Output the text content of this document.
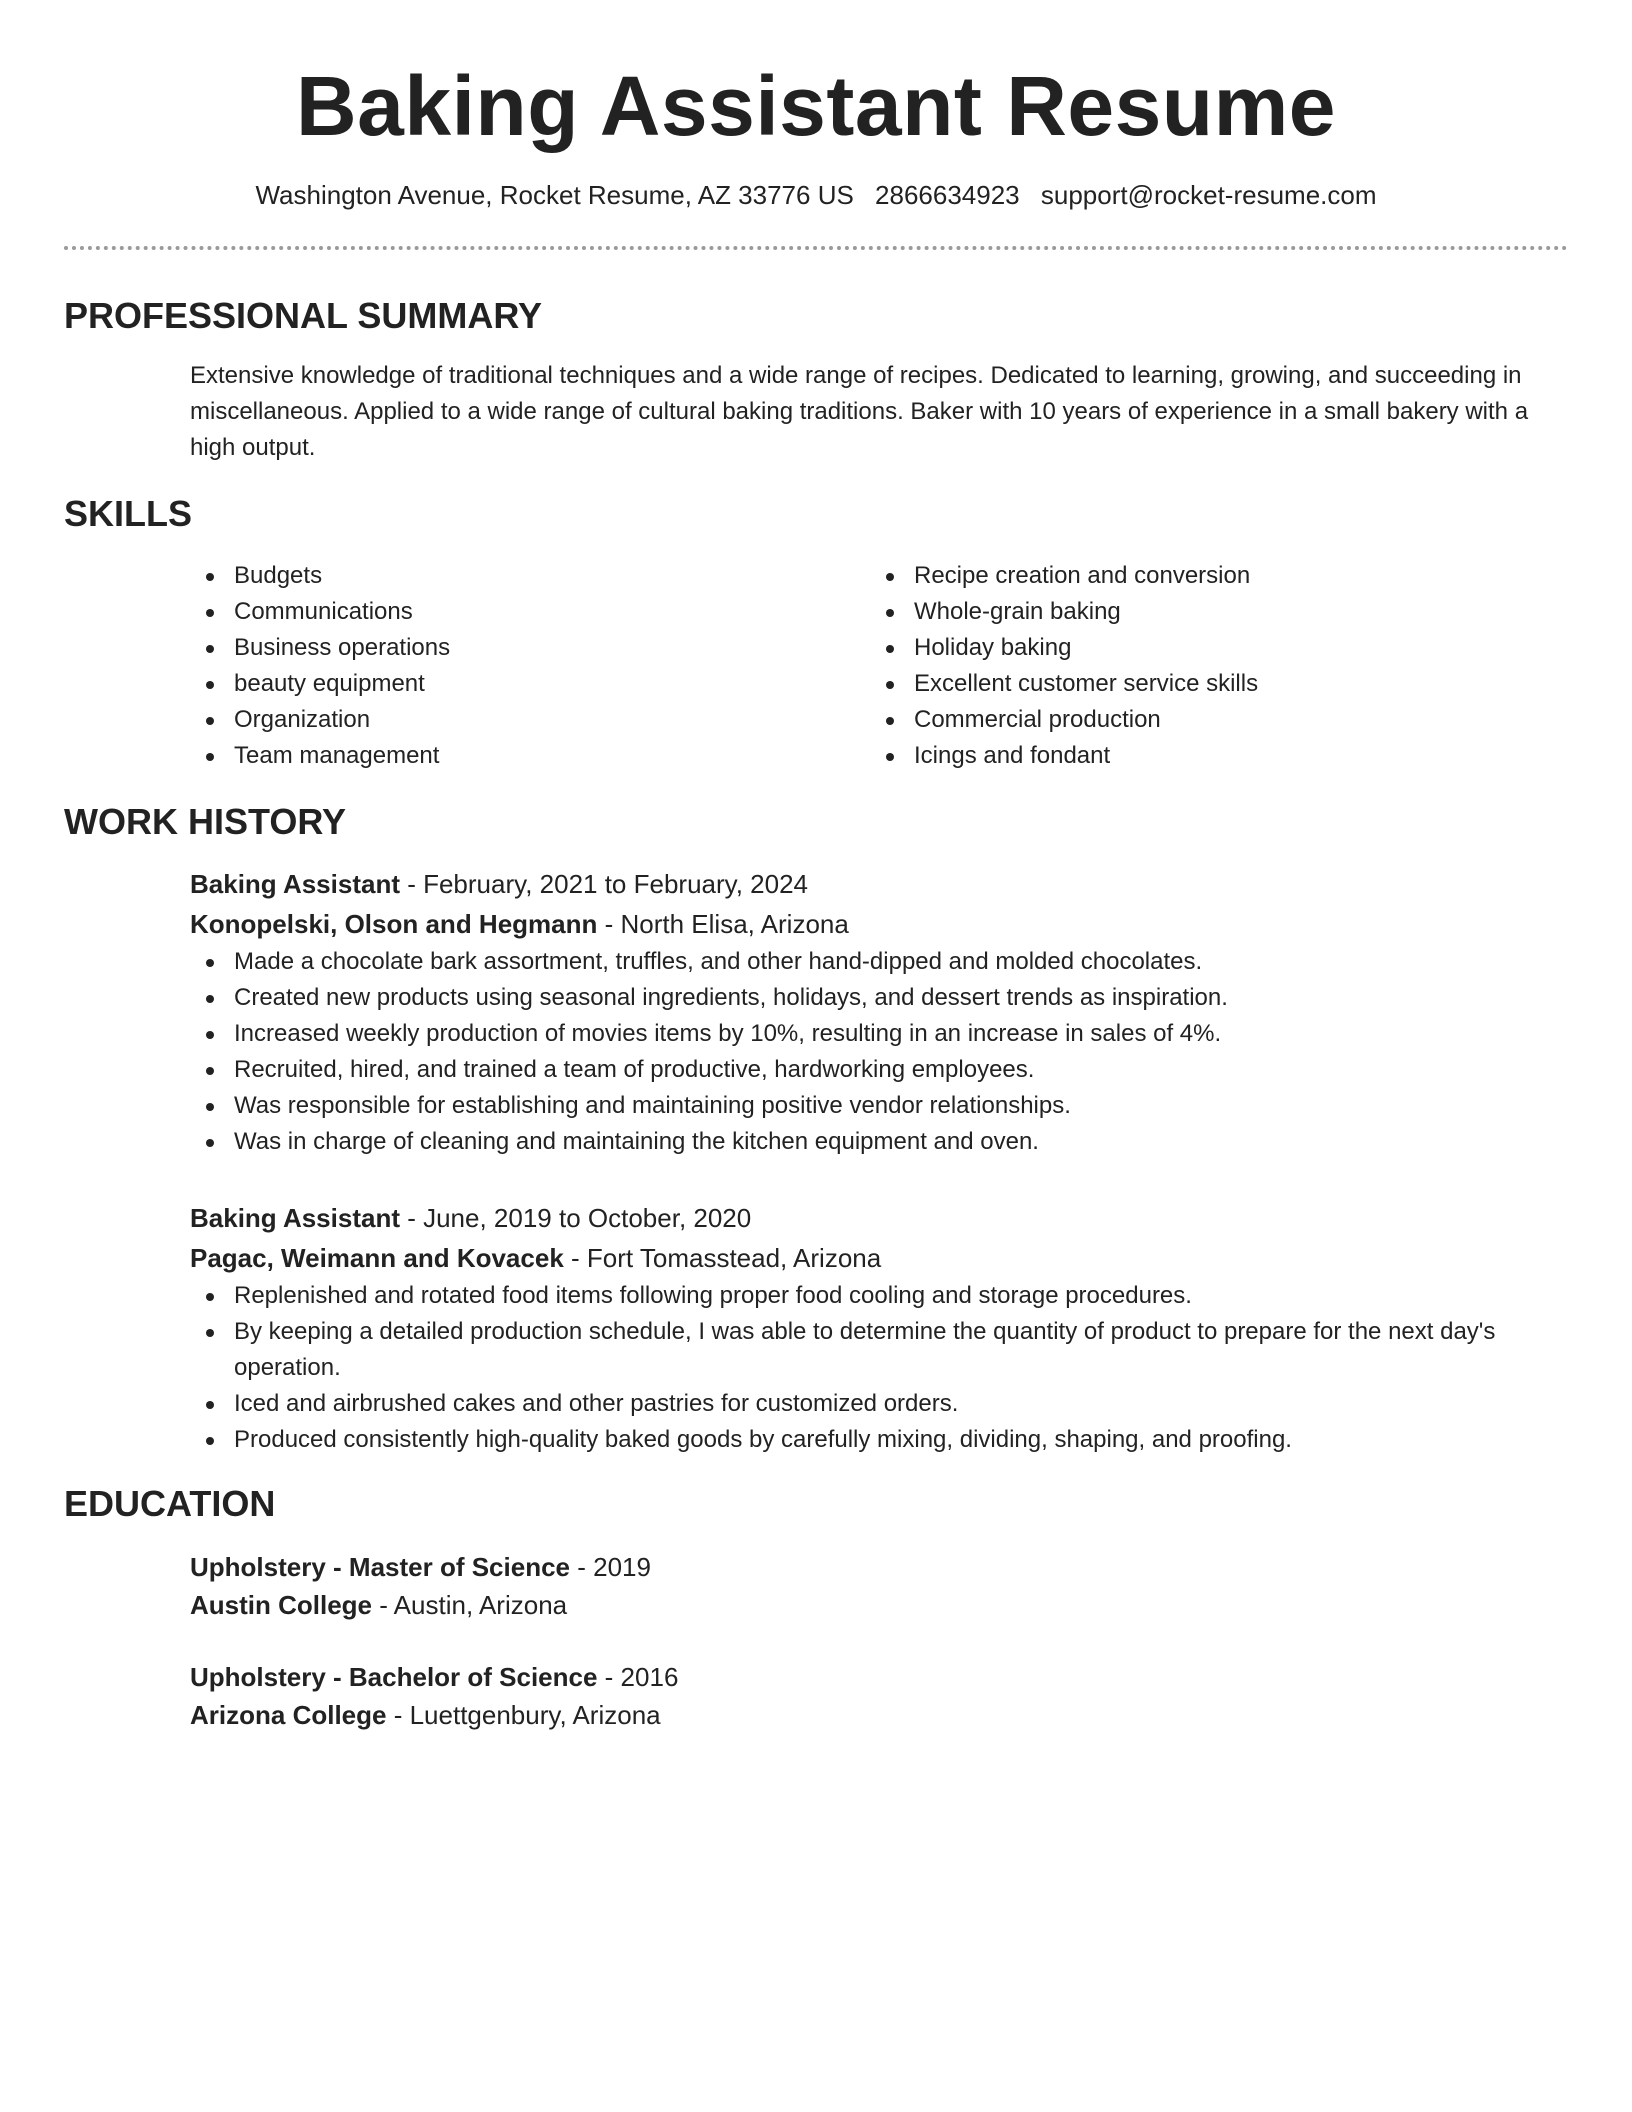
Baking Assistant Resume
Washington Avenue, Rocket Resume, AZ 33776 US 2866634923 support@rocket-resume.com
PROFESSIONAL SUMMARY
Extensive knowledge of traditional techniques and a wide range of recipes. Dedicated to learning, growing, and succeeding in miscellaneous. Applied to a wide range of cultural baking traditions. Baker with 10 years of experience in a small bakery with a high output.
SKILLS
Budgets
Communications
Business operations
beauty equipment
Organization
Team management
Recipe creation and conversion
Whole-grain baking
Holiday baking
Excellent customer service skills
Commercial production
Icings and fondant
WORK HISTORY
Baking Assistant - February, 2021 to February, 2024
Konopelski, Olson and Hegmann - North Elisa, Arizona
Made a chocolate bark assortment, truffles, and other hand-dipped and molded chocolates.
Created new products using seasonal ingredients, holidays, and dessert trends as inspiration.
Increased weekly production of movies items by 10%, resulting in an increase in sales of 4%.
Recruited, hired, and trained a team of productive, hardworking employees.
Was responsible for establishing and maintaining positive vendor relationships.
Was in charge of cleaning and maintaining the kitchen equipment and oven.
Baking Assistant - June, 2019 to October, 2020
Pagac, Weimann and Kovacek - Fort Tomasstead, Arizona
Replenished and rotated food items following proper food cooling and storage procedures.
By keeping a detailed production schedule, I was able to determine the quantity of product to prepare for the next day's operation.
Iced and airbrushed cakes and other pastries for customized orders.
Produced consistently high-quality baked goods by carefully mixing, dividing, shaping, and proofing.
EDUCATION
Upholstery - Master of Science - 2019
Austin College - Austin, Arizona
Upholstery - Bachelor of Science - 2016
Arizona College - Luettgenbury, Arizona
